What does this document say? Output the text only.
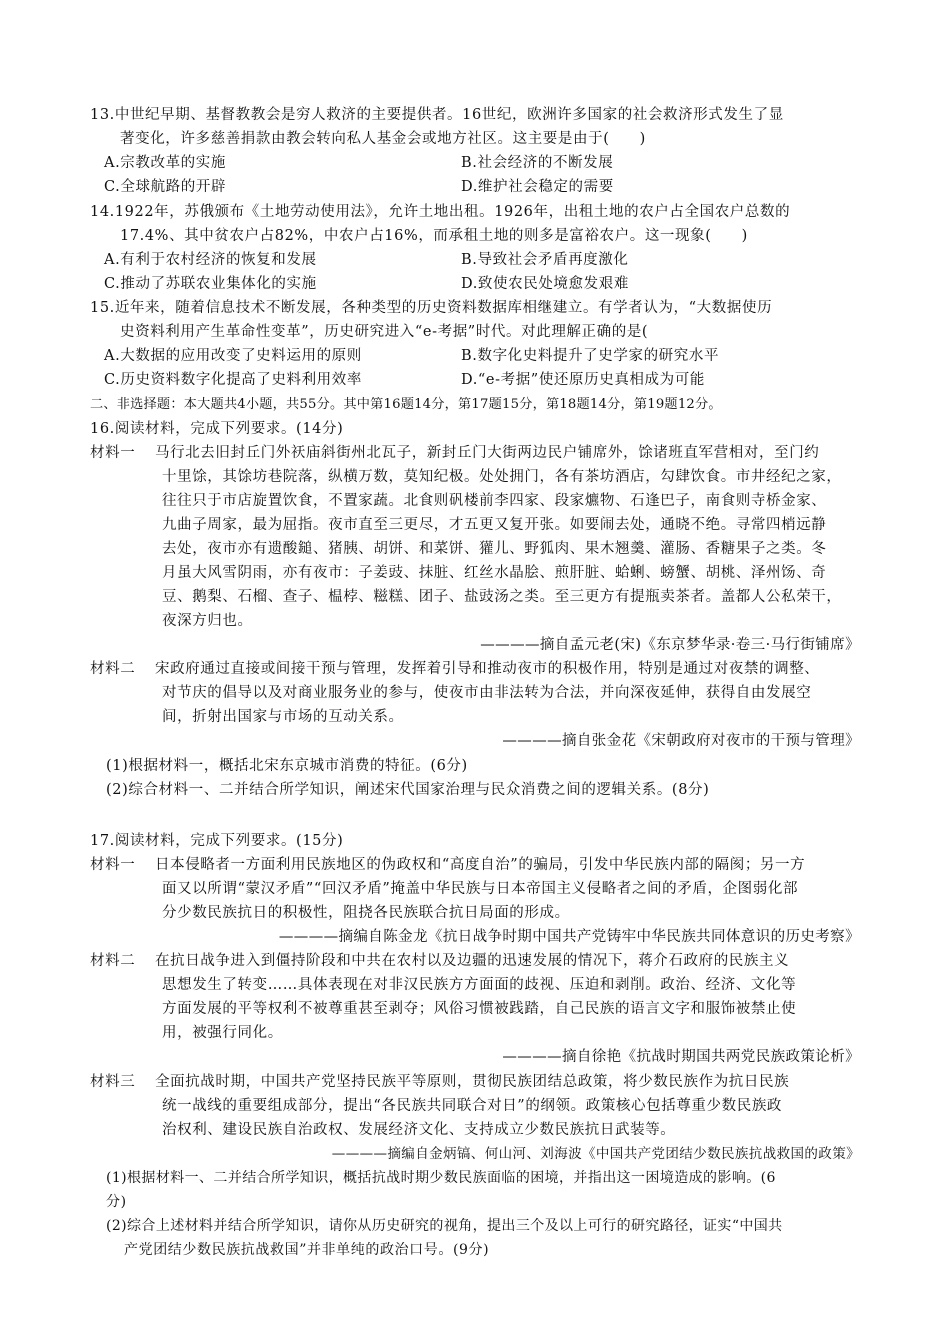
13.中世纪早期、基督教教会是穷人救济的主要提供者。16世纪，欧洲许多国家的社会救济形式发生了显
著变化，许多慈善捐款由教会转向私人基金会或地方社区。这主要是由于(　　)
A.宗教改革的实施	B.社会经济的不断发展
C.全球航路的开辟	D.维护社会稳定的需要
14.1922年，苏俄颁布《土地劳动使用法》，允许土地出租。1926年，出租土地的农户占全国农户总数的
17.4%、其中贫农户占82%，中农户占16%，而承租土地的则多是富裕农户。这一现象(　　)
A.有利于农村经济的恢复和发展	B.导致社会矛盾再度激化
C.推动了苏联农业集体化的实施	D.致使农民处境愈发艰难
15.近年来，随着信息技术不断发展，各种类型的历史资料数据库相继建立。有学者认为，“大数据使历
史资料利用产生革命性变革”，历史研究进入“e-考据”时代。对此理解正确的是(
A.大数据的应用改变了史料运用的原则	B.数字化史料提升了史学家的研究水平
C.历史资料数字化提高了史料利用效率	D.“e-考据”使还原历史真相成为可能
二、非选择题：本大题共4小题，共55分。其中第16题14分，第17题15分，第18题14分，第19题12分。
16.阅读材料，完成下列要求。(14分)
材料一 马行北去旧封丘门外祆庙斜街州北瓦子，新封丘门大街两边民户铺席外，馀诸班直军营相对，至门约
十里馀，其馀坊巷院落，纵横万数，莫知纪极。处处拥门，各有茶坊酒店，勾肆饮食。市井经纪之家，
往往只于市店旋置饮食，不置家蔬。北食则矾楼前李四家、段家爊物、石逢巴子，南食则寺桥金家、
九曲子周家，最为屈指。夜市直至三更尽，才五更又复开张。如要闹去处，通晓不绝。寻常四梢远静
去处，夜市亦有遗酸鎚、猪胰、胡饼、和菜饼、獾儿、野狐肉、果木翘羹、灌肠、香糖果子之类。冬
月虽大风雪阴雨，亦有夜市：子姜豉、抹脏、红丝水晶脍、煎肝脏、蛤蜊、螃蟹、胡桃、泽州饧、奇
豆、鹅梨、石榴、查子、榅桲、糍糕、团子、盐豉汤之类。至三更方有提瓶卖茶者。盖都人公私荣干，
夜深方归也。
————摘自孟元老(宋)《东京梦华录·卷三·马行街铺席》
材料二 宋政府通过直接或间接干预与管理，发挥着引导和推动夜市的积极作用，特别是通过对夜禁的调整、
对节庆的倡导以及对商业服务业的参与，使夜市由非法转为合法，并向深夜延伸，获得自由发展空
间，折射出国家与市场的互动关系。
————摘自张金花《宋朝政府对夜市的干预与管理》
(1)根据材料一，概括北宋东京城市消费的特征。(6分)
(2)综合材料一、二并结合所学知识，阐述宋代国家治理与民众消费之间的逻辑关系。(8分)
17.阅读材料，完成下列要求。(15分)
材料一 日本侵略者一方面利用民族地区的伪政权和“高度自治”的骗局，引发中华民族内部的隔阂；另一方
面又以所谓“蒙汉矛盾”“回汉矛盾”掩盖中华民族与日本帝国主义侵略者之间的矛盾，企图弱化部
分少数民族抗日的积极性，阻挠各民族联合抗日局面的形成。
————摘编自陈金龙《抗日战争时期中国共产党铸牢中华民族共同体意识的历史考察》
材料二 在抗日战争进入到僵持阶段和中共在农村以及边疆的迅速发展的情况下，蒋介石政府的民族主义
思想发生了转变……具体表现在对非汉民族方方面面的歧视、压迫和剥削。政治、经济、文化等
方面发展的平等权利不被尊重甚至剥夺；风俗习惯被践踏，自己民族的语言文字和服饰被禁止使
用，被强行同化。
————摘自徐艳《抗战时期国共两党民族政策论析》
材料三 全面抗战时期，中国共产党坚持民族平等原则，贯彻民族团结总政策，将少数民族作为抗日民族
统一战线的重要组成部分，提出“各民族共同联合对日”的纲领。政策核心包括尊重少数民族政
治权利、建设民族自治政权、发展经济文化、支持成立少数民族抗日武装等。
————摘编自金炳镐、何山河、刘海波《中国共产党团结少数民族抗战救国的政策》
(1)根据材料一、二并结合所学知识，概括抗战时期少数民族面临的困境，并指出这一困境造成的影响。(6
分)
(2)综合上述材料并结合所学知识，请你从历史研究的视角，提出三个及以上可行的研究路径，证实“中国共
产党团结少数民族抗战救国”并非单纯的政治口号。(9分)
